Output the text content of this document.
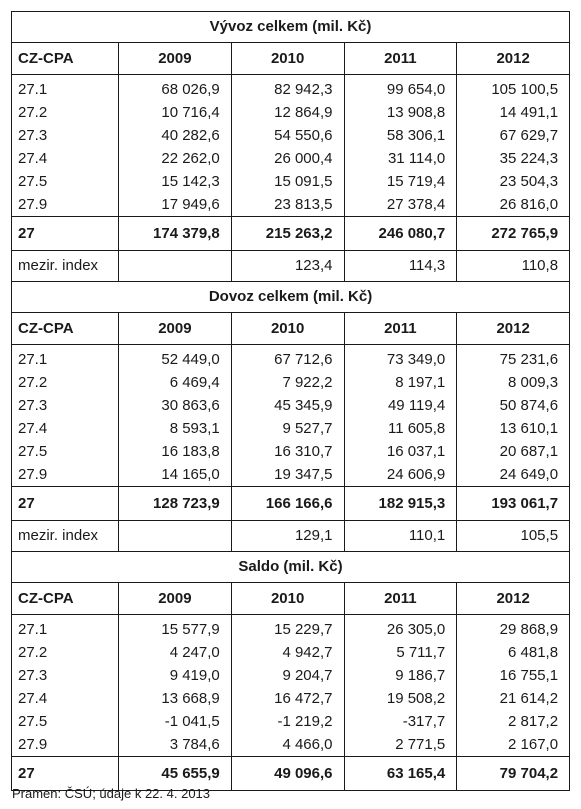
Vývoz celkem (mil. Kč)				
CZ-CPA	2009	2010	2011	2012
27.1	68 026,9	82 942,3	99 654,0	105 100,5
27.2	10 716,4	12 864,9	13 908,8	14 491,1
27.3	40 282,6	54 550,6	58 306,1	67 629,7
27.4	22 262,0	26 000,4	31 114,0	35 224,3
27.5	15 142,3	15 091,5	15 719,4	23 504,3
27.9	17 949,6	23 813,5	27 378,4	26 816,0
27	174 379,8	215 263,2	246 080,7	272 765,9
mezir. index		123,4	114,3	110,8
Dovoz celkem (mil. Kč)				
CZ-CPA	2009	2010	2011	2012
27.1	52 449,0	67 712,6	73 349,0	75 231,6
27.2	6 469,4	7 922,2	8 197,1	8 009,3
27.3	30 863,6	45 345,9	49 119,4	50 874,6
27.4	8 593,1	9 527,7	11 605,8	13 610,1
27.5	16 183,8	16 310,7	16 037,1	20 687,1
27.9	14 165,0	19 347,5	24 606,9	24 649,0
27	128 723,9	166 166,6	182 915,3	193 061,7
mezir. index		129,1	110,1	105,5
Saldo (mil. Kč)				
CZ-CPA	2009	2010	2011	2012
27.1	15 577,9	15 229,7	26 305,0	29 868,9
27.2	4 247,0	4 942,7	5 711,7	6 481,8
27.3	9 419,0	9 204,7	9 186,7	16 755,1
27.4	13 668,9	16 472,7	19 508,2	21 614,2
27.5	-1 041,5	-1 219,2	-317,7	2 817,2
27.9	3 784,6	4 466,0	2 771,5	2 167,0
27	45 655,9	49 096,6	63 165,4	79 704,2
Pramen: ČSÚ; údaje k 22. 4. 2013
